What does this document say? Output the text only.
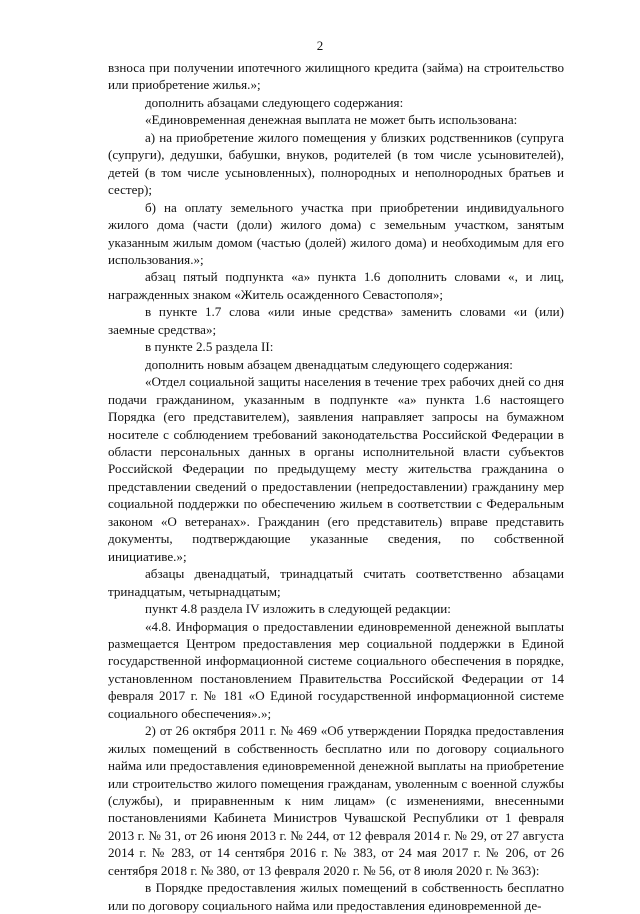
2

взноса при получении ипотечного жилищного кредита (займа) на строительство или приобретение жилья.»;

дополнить абзацами следующего содержания:

«Единовременная денежная выплата не может быть использована:

а) на приобретение жилого помещения у близких родственников (супруга (супруги), дедушки, бабушки, внуков, родителей (в том числе усыновителей), детей (в том числе усыновленных), полнородных и неполнородных братьев и сестер);

б) на оплату земельного участка при приобретении индивидуального жилого дома (части (доли) жилого дома) с земельным участком, занятым указанным жилым домом (частью (долей) жилого дома) и необходимым для его использования.»;

абзац пятый подпункта «а» пункта 1.6 дополнить словами «, и лиц, награжденных знаком «Житель осажденного Севастополя»;

в пункте 1.7 слова «или иные средства» заменить словами «и (или) заемные средства»;

в пункте 2.5 раздела II:

дополнить новым абзацем двенадцатым следующего содержания:

«Отдел социальной защиты населения в течение трех рабочих дней со дня подачи гражданином, указанным в подпункте «а» пункта 1.6 настоящего Порядка (его представителем), заявления направляет запросы на бумажном носителе с соблюдением требований законодательства Российской Федерации в области персональных данных в органы исполнительной власти субъектов Российской Федерации по предыдущему месту жительства гражданина о представлении сведений о предоставлении (непредоставлении) гражданину мер социальной поддержки по обеспечению жильем в соответствии с Федеральным законом «О ветеранах». Гражданин (его представитель) вправе представить документы, подтверждающие указанные сведения, по собственной инициативе.»;

абзацы двенадцатый, тринадцатый считать соответственно абзацами тринадцатым, четырнадцатым;

пункт 4.8 раздела IV изложить в следующей редакции:

«4.8. Информация о предоставлении единовременной денежной выплаты размещается Центром предоставления мер социальной поддержки в Единой государственной информационной системе социального обеспечения в порядке, установленном постановлением Правительства Российской Федерации от 14 февраля 2017 г. № 181 «О Единой государственной информационной системе социального обеспечения».»;

2) от 26 октября 2011 г. № 469 «Об утверждении Порядка предоставления жилых помещений в собственность бесплатно или по договору социального найма или предоставления единовременной денежной выплаты на приобретение или строительство жилого помещения гражданам, уволенным с военной службы (службы), и приравненным к ним лицам» (с изменениями, внесенными постановлениями Кабинета Министров Чувашской Республики от 1 февраля 2013 г. № 31, от 26 июня 2013 г. № 244, от 12 февраля 2014 г. № 29, от 27 августа 2014 г. № 283, от 14 сентября 2016 г. № 383, от 24 мая 2017 г. № 206, от 26 сентября 2018 г. № 380, от 13 февраля 2020 г. № 56, от 8 июля 2020 г. № 363):

в Порядке предоставления жилых помещений в собственность бесплатно или по договору социального найма или предоставления единовременной де-
